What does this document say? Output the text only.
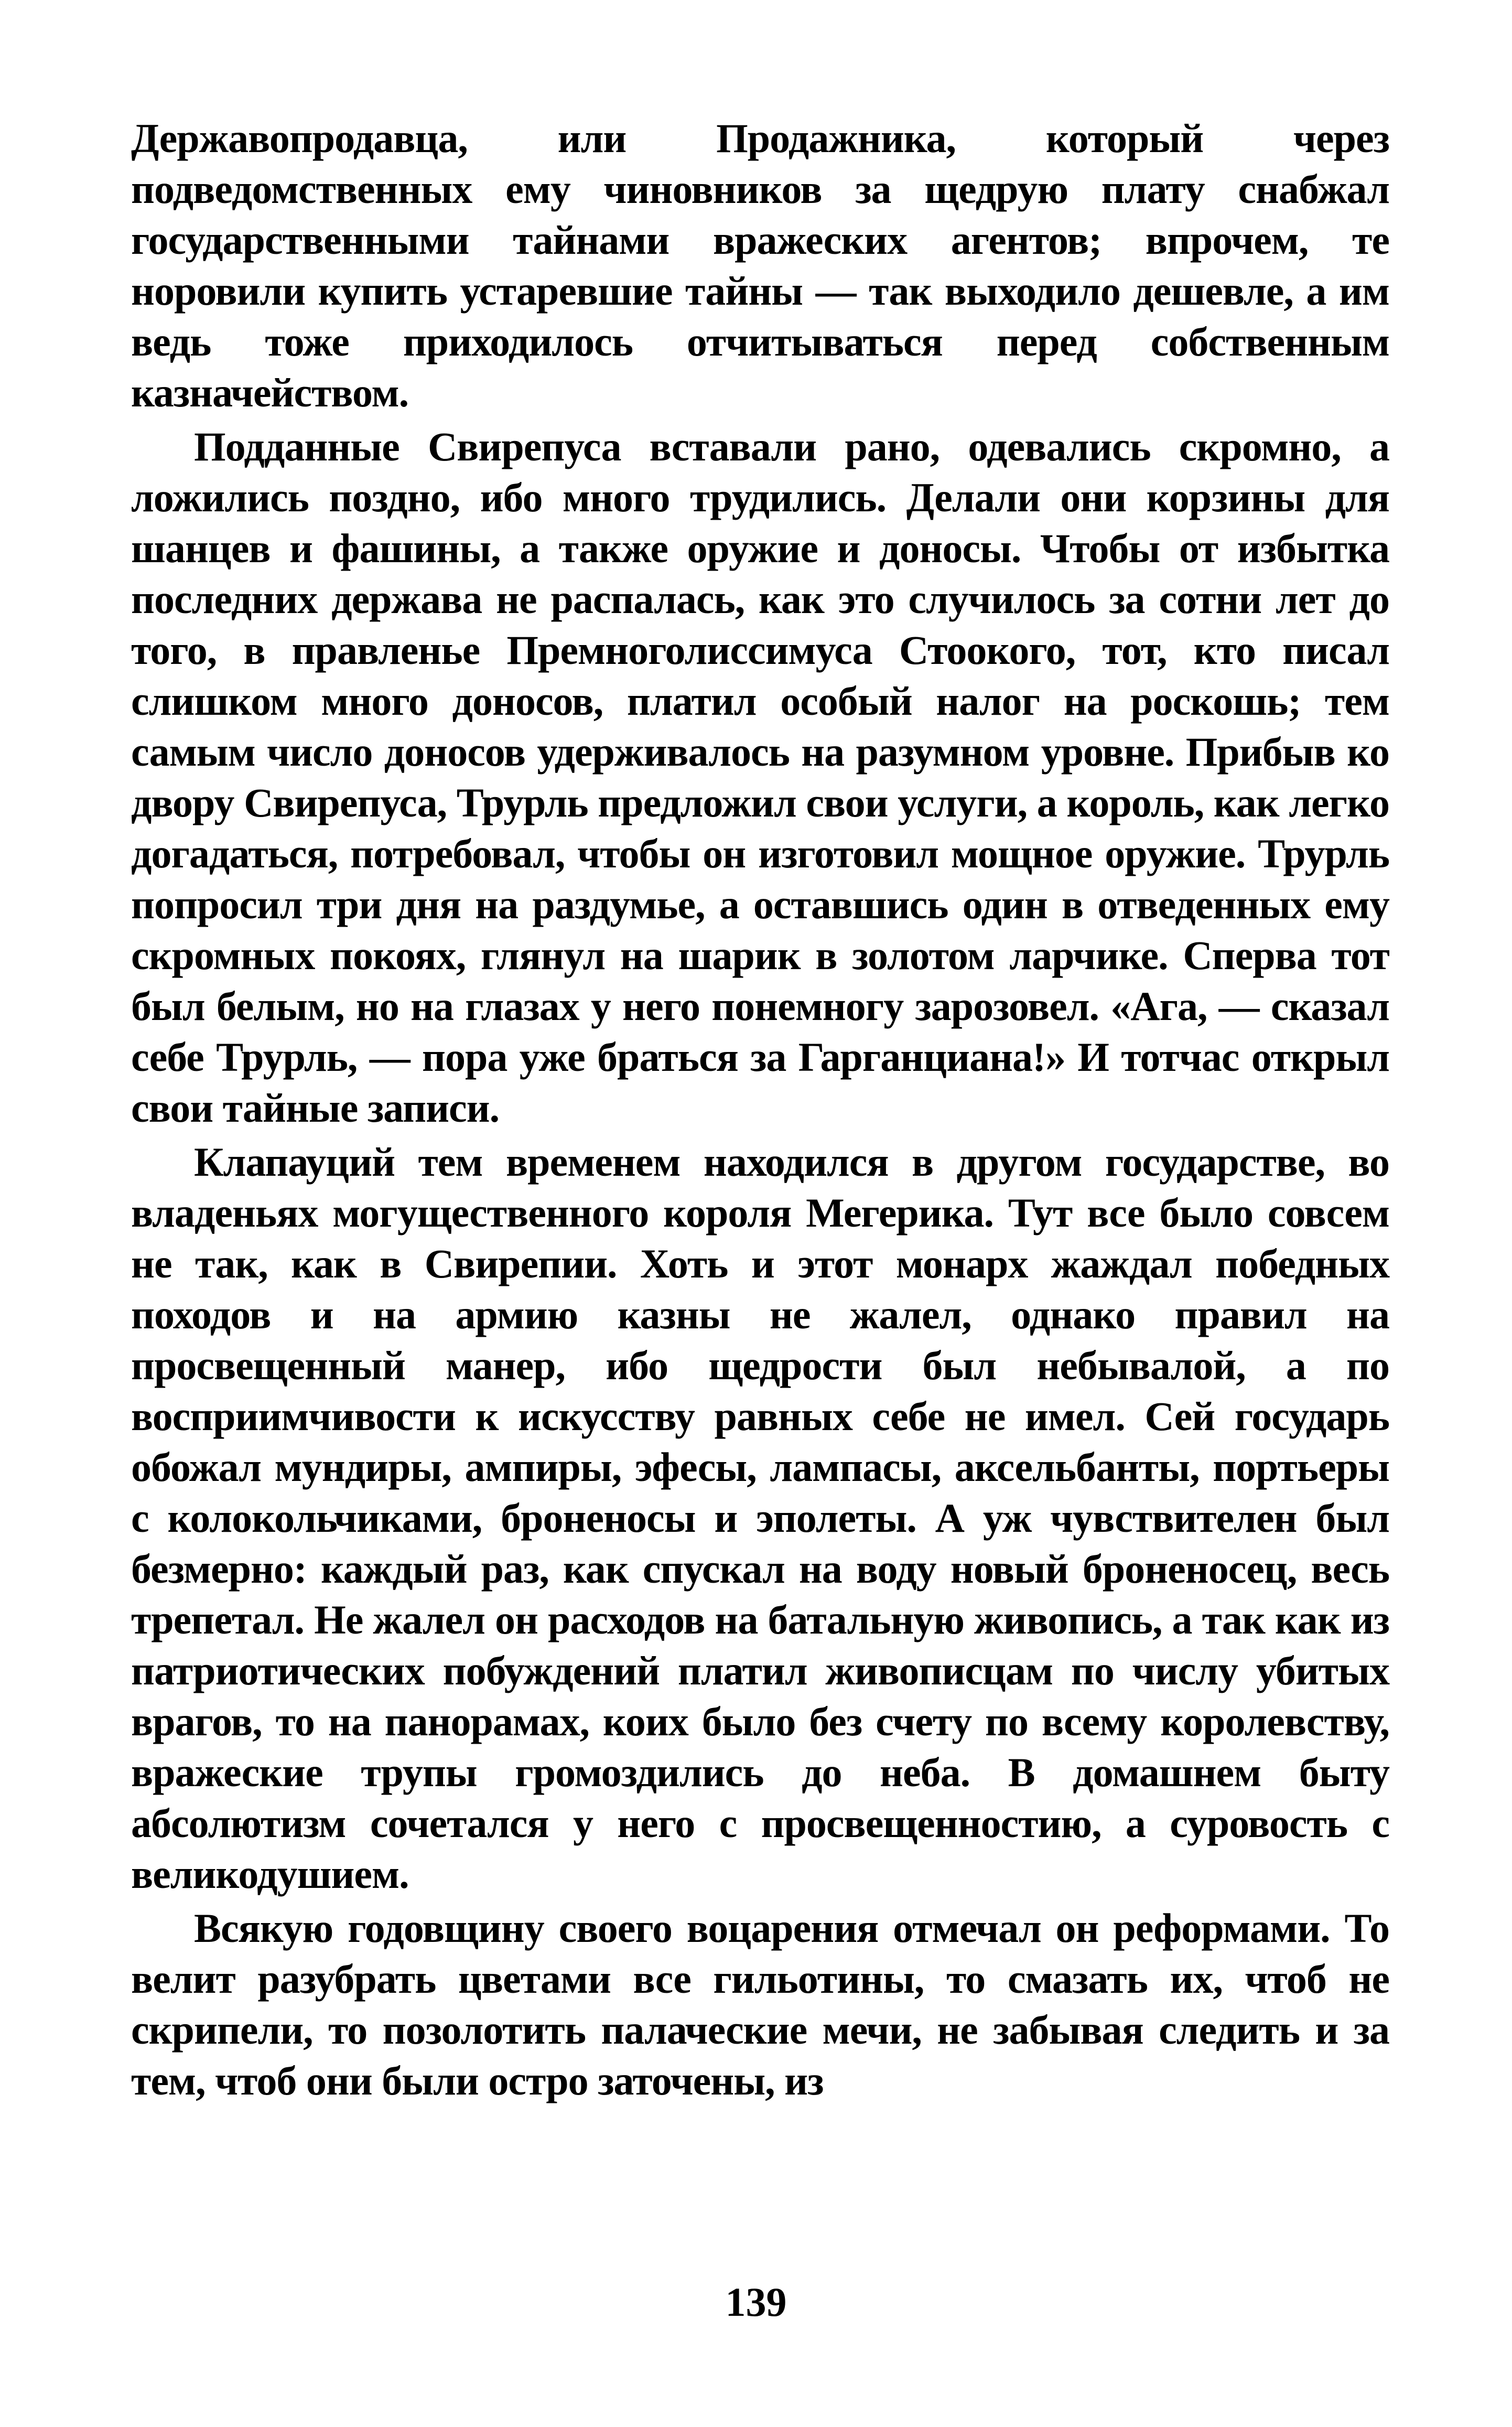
Державопродавца, или Продажника, который через подведомственных ему чиновников за щедрую плату снабжал государственными тайнами вражеских агентов; впрочем, те норовили купить устаревшие тайны — так выходило дешевле, а им ведь тоже приходилось отчитываться перед собственным казначейством.

Подданные Свирепуса вставали рано, одевались скромно, а ложились поздно, ибо много трудились. Делали они корзины для шанцев и фашины, а также оружие и доносы. Чтобы от избытка последних держава не распалась, как это случилось за сотни лет до того, в правленье Премноголиссимуса Стоокого, тот, кто писал слишком много доносов, платил особый налог на роскошь; тем самым число доносов удерживалось на разумном уровне. Прибыв ко двору Свирепуса, Трурль предложил свои услуги, а король, как легко догадаться, потребовал, чтобы он изготовил мощное оружие. Трурль попросил три дня на раздумье, а оставшись один в отведенных ему скромных покоях, глянул на шарик в золотом ларчике. Сперва тот был белым, но на глазах у него понемногу зарозовел. «Ага, — сказал себе Трурль, — пора уже браться за Гарганциана!» И тотчас открыл свои тайные записи.

Клапауций тем временем находился в другом государстве, во владеньях могущественного короля Мегерика. Тут все было совсем не так, как в Свирепии. Хоть и этот монарх жаждал победных походов и на армию казны не жалел, однако правил на просвещенный манер, ибо щедрости был небывалой, а по восприимчивости к искусству равных себе не имел. Сей государь обожал мундиры, ампиры, эфесы, лампасы, аксельбанты, портьеры с колокольчиками, броненосы и эполеты. А уж чувствителен был безмерно: каждый раз, как спускал на воду новый броненосец, весь трепетал. Не жалел он расходов на батальную живопись, а так как из патриотических побуждений платил живописцам по числу убитых врагов, то на панорамах, коих было без счету по всему королевству, вражеские трупы громоздились до неба. В домашнем быту абсолютизм сочетался у него с просвещенностию, а суровость с великодушием.

Всякую годовщину своего воцарения отмечал он реформами. То велит разубрать цветами все гильотины, то смазать их, чтоб не скрипели, то позолотить палаческие мечи, не забывая следить и за тем, чтоб они были остро заточены, из

139
